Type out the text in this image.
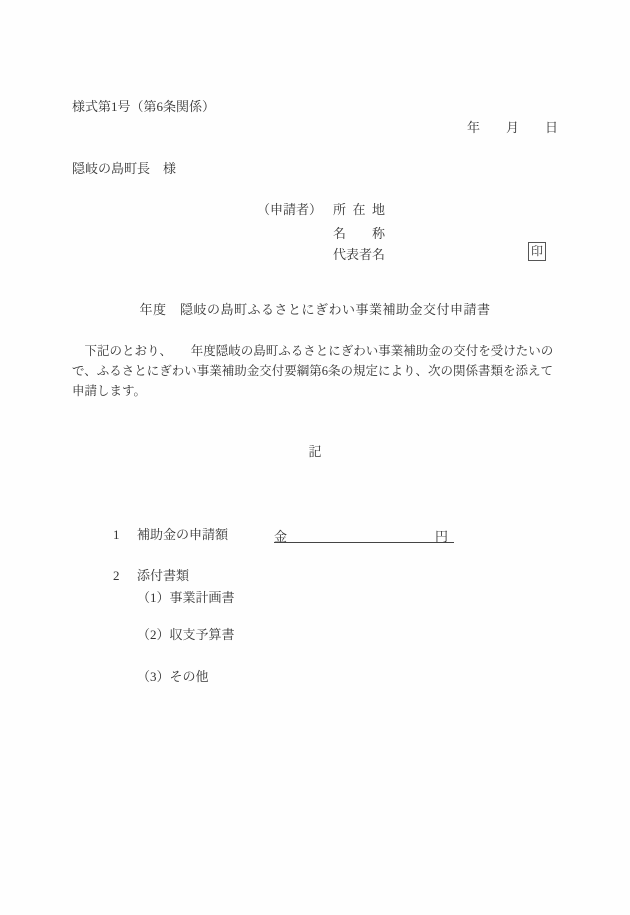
様式第1号（第6条関係）
年　　月　　日
隠岐の島町長　様
（申請者） 所  在  地
名　　称
代表者名	印
年度　隠岐の島町ふるさとにぎわい事業補助金交付申請書
　下記のとおり、　　年度隠岐の島町ふるさとにぎわい事業補助金の交付を受けたいの
で、ふるさとにぎわい事業補助金交付要綱第6条の規定により、次の関係書類を添えて
申請します。
記
1 補助金の申請額	金	円
2 添付書類
（1）事業計画書
（2）収支予算書
（3）その他
